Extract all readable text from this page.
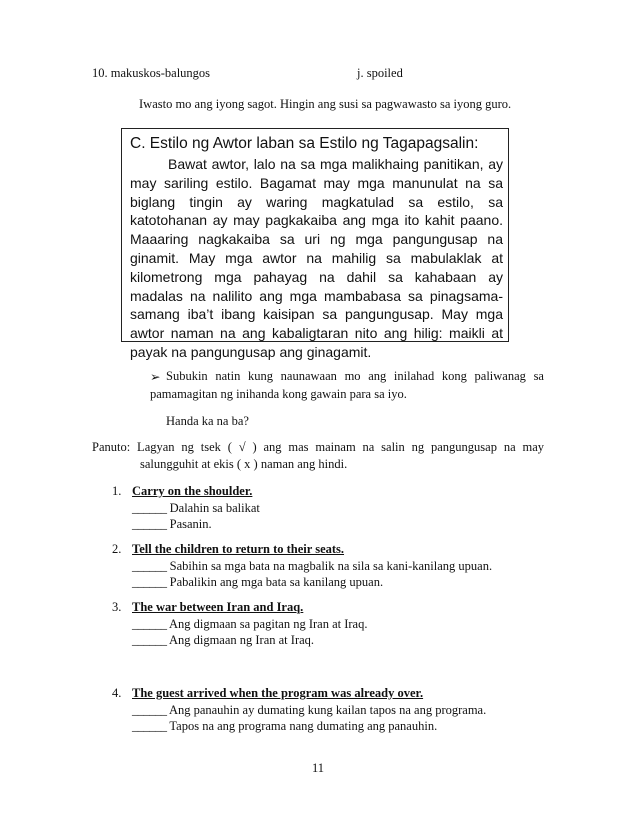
10. makuskos-balungos	j. spoiled
Iwasto mo ang iyong sagot. Hingin ang susi sa pagwawasto sa iyong guro.
C. Estilo ng Awtor laban sa Estilo ng Tagapagsalin:
Bawat awtor, lalo na sa mga malikhaing panitikan, ay may sariling estilo. Bagamat may mga manunulat na sa biglang tingin ay waring magkatulad sa estilo, sa katotohanan ay may pagkakaiba ang mga ito kahit paano. Maaaring nagkakaiba sa uri ng mga pangungusap na ginamit. May mga awtor na mahilig sa mabulaklak at kilometrong mga pahayag na dahil sa kahabaan ay madalas na nalilito ang mga mambabasa sa pinagsama-samang iba’t ibang kaisipan sa pangungusap. May mga awtor naman na ang kabaligtaran nito ang hilig: maikli at payak na pangungusap ang ginagamit.
➢ Subukin natin kung naunawaan mo ang inilahad kong paliwanag sa
pamamagitan ng inihanda kong gawain para sa iyo.
Handa ka na ba?
Panuto: Lagyan ng tsek ( √ ) ang mas mainam na salin ng pangungusap na may
salungguhit at ekis ( x ) naman ang hindi.
1. Carry on the shoulder.
______ Dalahin sa balikat
______ Pasanin.
2. Tell the children to return to their seats.
______ Sabihin sa mga bata na magbalik na sila sa kani-kanilang upuan.
______ Pabalikin ang mga bata sa kanilang upuan.
3. The war between Iran and Iraq.
______ Ang digmaan sa pagitan ng Iran at Iraq.
______ Ang digmaan ng Iran at Iraq.
4. The guest arrived when the program was already over.
______ Ang panauhin ay dumating kung kailan tapos na ang programa.
______ Tapos na ang programa nang dumating ang panauhin.
11
